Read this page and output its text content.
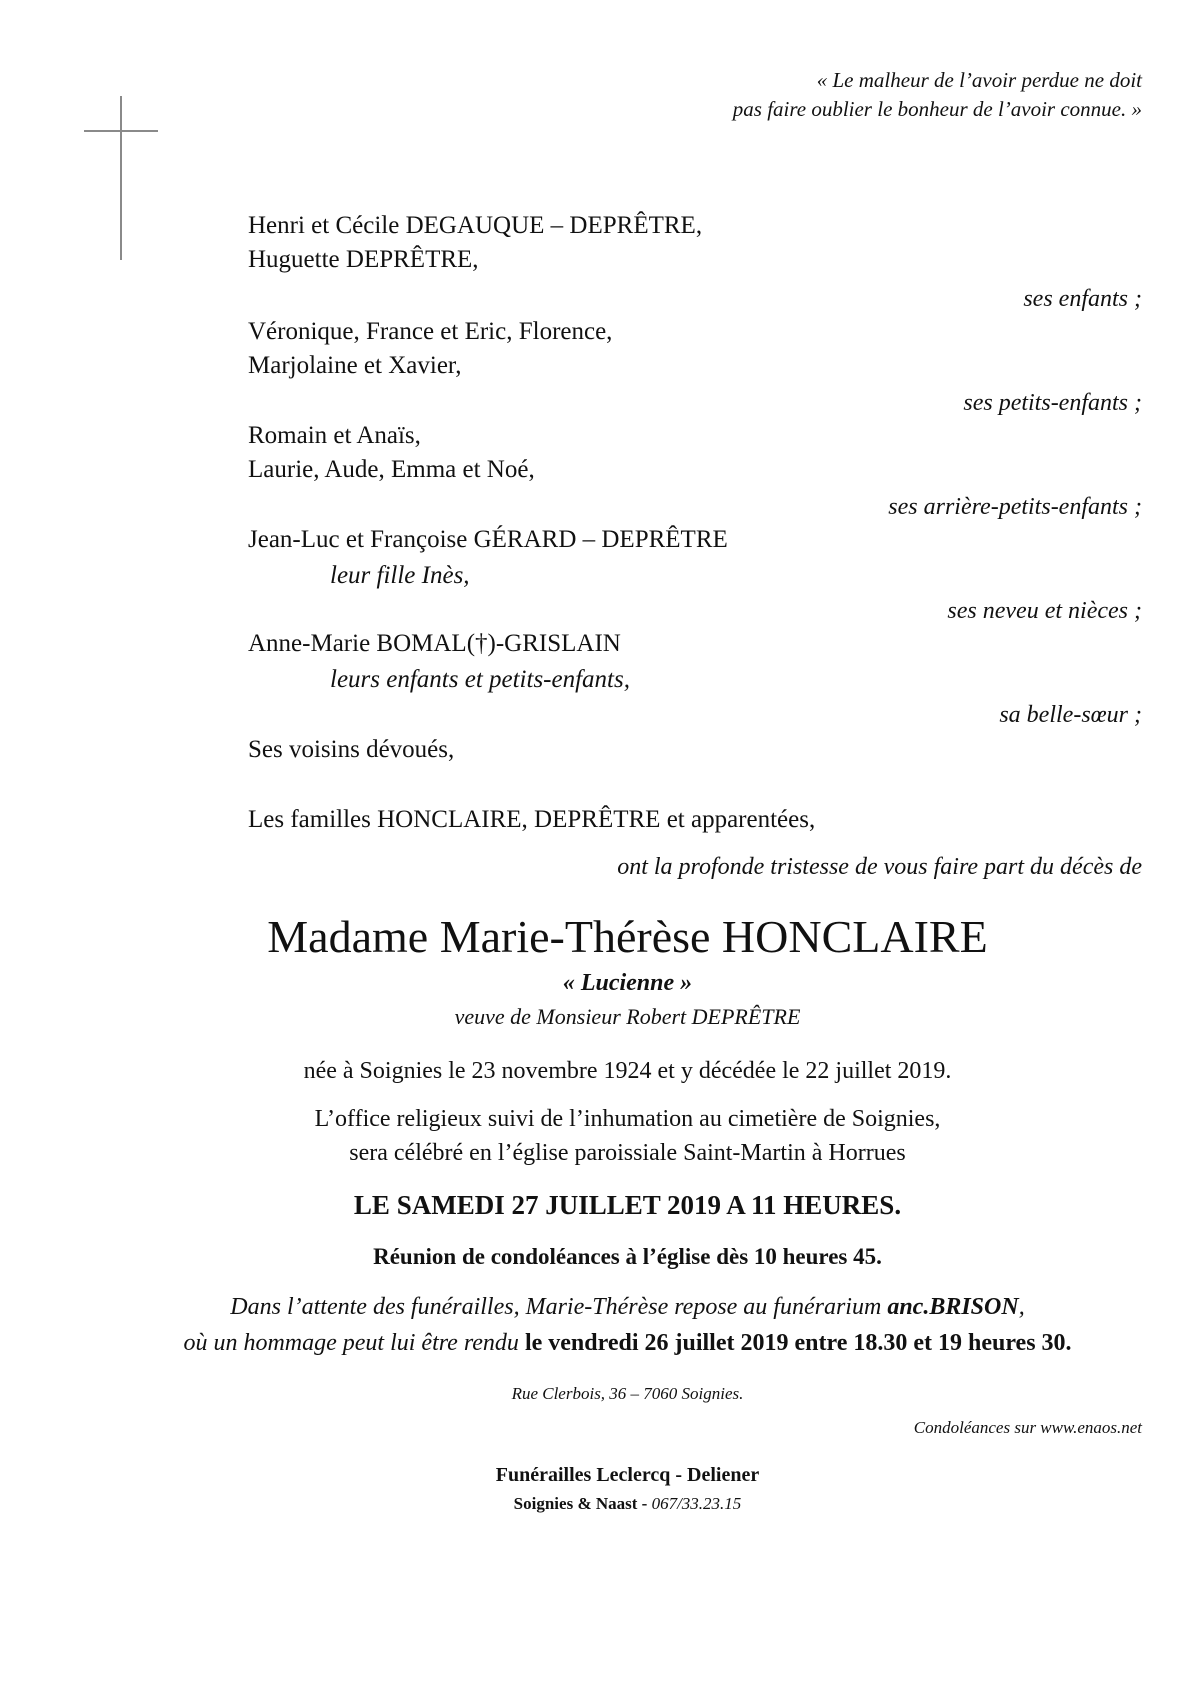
« Le malheur de l’avoir perdue ne doit
pas faire oublier le bonheur de l’avoir connue. »
Henri et Cécile DEGAUQUE – DEPRÊTRE,
Huguette DEPRÊTRE,
ses enfants ;
Véronique, France et Eric, Florence,
Marjolaine et Xavier,
ses petits-enfants ;
Romain et Anaïs,
Laurie, Aude, Emma et Noé,
ses arrière-petits-enfants ;
Jean-Luc et Françoise GÉRARD – DEPRÊTRE
leur fille Inès,
ses neveu et nièces ;
Anne-Marie BOMAL(†)-GRISLAIN
leurs enfants et petits-enfants,
sa belle-sœur ;
Ses voisins dévoués,
Les familles HONCLAIRE, DEPRÊTRE et apparentées,
ont la profonde tristesse de vous faire part du décès de
Madame Marie-Thérèse HONCLAIRE
« Lucienne »
veuve de Monsieur Robert DEPRÊTRE
née à Soignies le 23 novembre 1924 et y décédée le 22 juillet 2019.
L’office religieux suivi de l’inhumation au cimetière de Soignies,
sera célébré en l’église paroissiale Saint-Martin à Horrues
LE SAMEDI 27 JUILLET 2019 A 11 HEURES.
Réunion de condoléances à l’église dès 10 heures 45.
Dans l’attente des funérailles, Marie-Thérèse repose au funérarium anc.BRISON,
où un hommage peut lui être rendu le vendredi 26 juillet 2019 entre 18.30 et 19 heures 30.
Rue Clerbois, 36 – 7060 Soignies.
Condoléances sur www.enaos.net
Funérailles Leclercq - Deliener
Soignies & Naast - 067/33.23.15
